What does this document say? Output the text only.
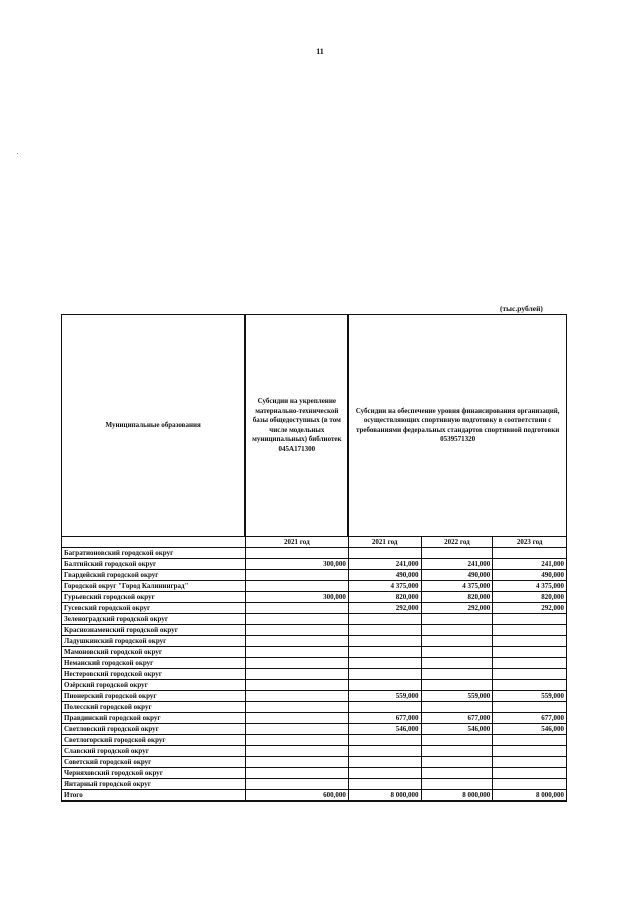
11
(тыс.рублей)
Муниципальные образования	Субсидии на укрепление материально-технической базы общедоступных (в том числе модельных муниципальных) библиотек 045A171300	Субсидии на обеспечение уровня финансирования организаций, осуществляющих спортивную подготовку в соответствии с требованиями федеральных стандартов спортивной подготовки 0539571320		
	2021 год	2021 год	2022 год	2023 год
Багратионовский городской округ				
Балтийский городской округ	300,000	241,000	241,000	241,000
Гвардейский городской округ		490,000	490,000	490,000
Городской округ "Город Калининград"		4 375,000	4 375,000	4 375,000
Гурьевский городской округ	300,000	820,000	820,000	820,000
Гусевский городской округ		292,000	292,000	292,000
Зеленоградский городской округ				
Краснознаменский городской округ				
Ладушкинский городской округ				
Мамоновский городской округ				
Неманский городской округ				
Нестеровский городской округ				
Озёрский городской округ				
Пионерский городской округ		559,000	559,000	559,000
Полесский городской округ				
Правдинский городской округ		677,000	677,000	677,000
Светловский городской округ		546,000	546,000	546,000
Светлогорский городской округ				
Славский городской округ				
Советский городской округ				
Черняховский городской округ				
Янтарный городской округ				
Итого	600,000	8 000,000	8 000,000	8 000,000
